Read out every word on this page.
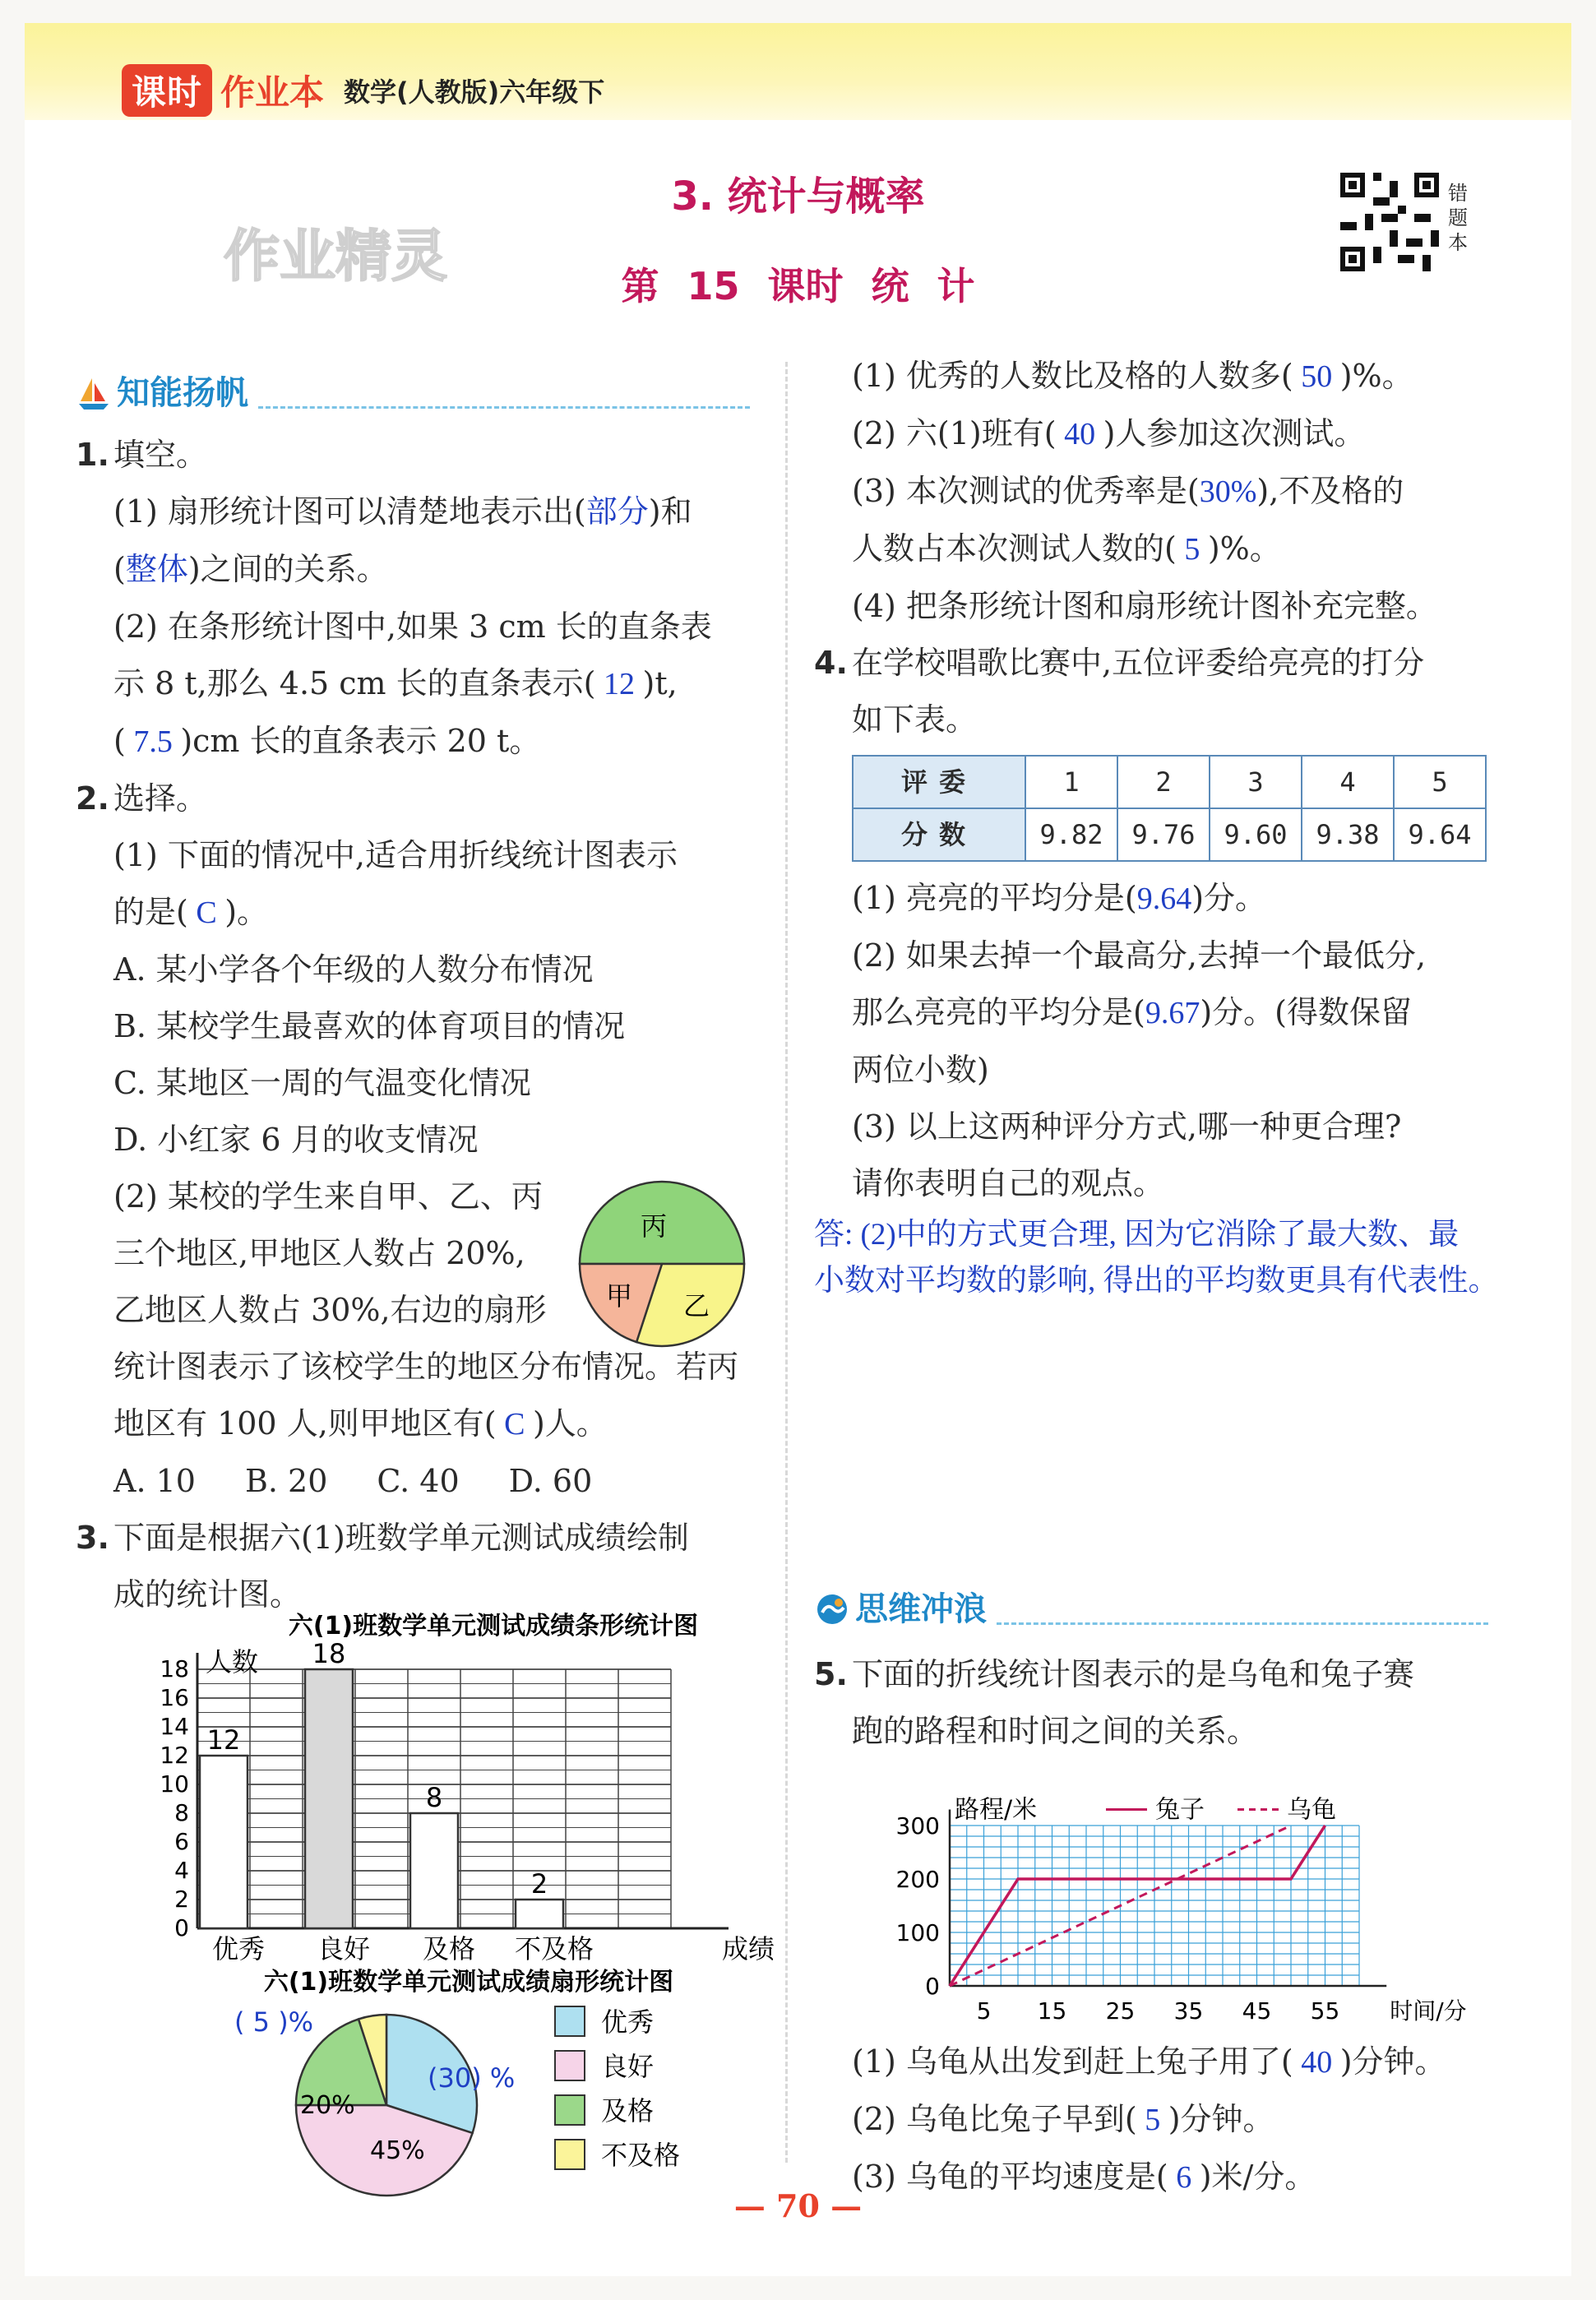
课时 作业本 数学(人教版)六年级下
3. 统计与概率
第 15 课时 统 计
作业精灵
错题本
知能扬帆
1. 填空。
(1) 扇形统计图可以清楚地表示出(部分)和
(整体)之间的关系。
(2) 在条形统计图中,如果 3 cm 长的直条表
示 8 t,那么 4.5 cm 长的直条表示( 12 )t,
( 7.5 )cm 长的直条表示 20 t。
2. 选择。
(1) 下面的情况中,适合用折线统计图表示
的是( C )。
A. 某小学各个年级的人数分布情况
B. 某校学生最喜欢的体育项目的情况
C. 某地区一周的气温变化情况
D. 小红家 6 月的收支情况
(2) 某校的学生来自甲、乙、丙
三个地区,甲地区人数占 20%,
乙地区人数占 30%,右边的扇形
统计图表示了该校学生的地区分布情况。若丙
地区有 100 人,则甲地区有( C )人。
A. 10 B. 20 C. 40 D. 60
3. 下面是根据六(1)班数学单元测试成绩绘制
成的统计图。
丙
甲 乙
六(1)班数学单元测试成绩条形统计图
0
2
4
6
8
10
12
14
16
18 人数
成绩
12
优秀
18
良好
8
及格
2
不及格
六(1)班数学单元测试成绩扇形统计图
( 5 )%
(30) %
45%
20%
优秀
良好
及格
不及格
(1) 优秀的人数比及格的人数多( 50 )%。
(2) 六(1)班有( 40 )人参加这次测试。
(3) 本次测试的优秀率是(30%),不及格的
人数占本次测试人数的( 5 )%。
(4) 把条形统计图和扇形统计图补充完整。
4. 在学校唱歌比赛中,五位评委给亮亮的打分
如下表。
评委	1	2	3	4	5
分数	9.82	9.76	9.60	9.38	9.64
(1) 亮亮的平均分是(9.64)分。
(2) 如果去掉一个最高分,去掉一个最低分,
那么亮亮的平均分是(9.67)分。(得数保留
两位小数)
(3) 以上这两种评分方式,哪一种更合理?
请你表明自己的观点。
答: (2)中的方式更合理, 因为它消除了最大数、最
小数对平均数的影响, 得出的平均数更具有代表性。
思维冲浪
5. 下面的折线统计图表示的是乌龟和兔子赛
跑的路程和时间之间的关系。
0
100
200
300
5 15 25 35 45 55 时间/分
路程/米	兔子	乌龟
(1) 乌龟从出发到赶上兔子用了( 40 )分钟。
(2) 乌龟比兔子早到( 5 )分钟。
(3) 乌龟的平均速度是( 6 )米/分。
— 70 —
